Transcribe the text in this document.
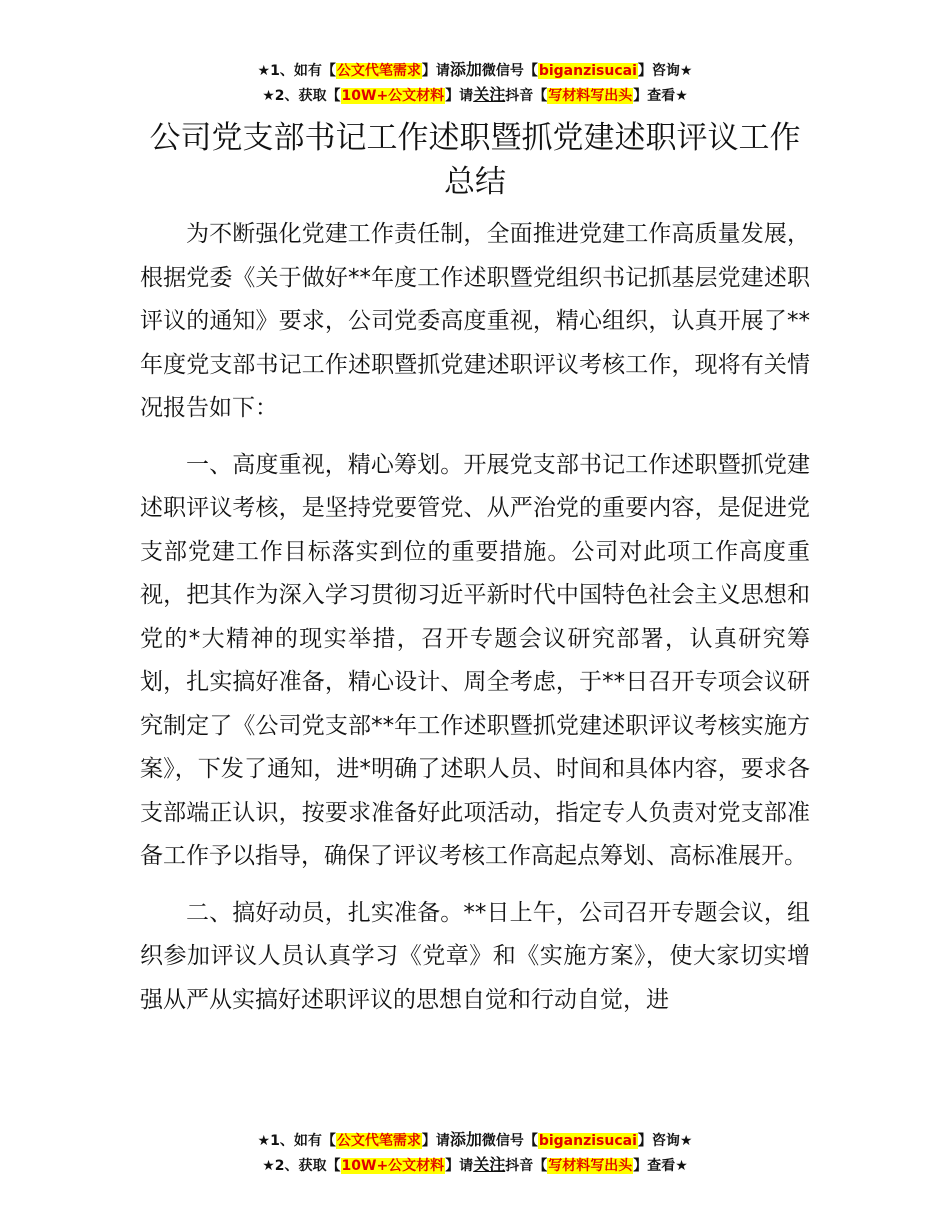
★1、如有【公文代笔需求】请添加微信号【biganzisucai】咨询★
★2、获取【10W+公文材料】请关注抖音【写材料写出头】查看★
公司党支部书记工作述职暨抓党建述职评议工作总结

为不断强化党建工作责任制，全面推进党建工作高质量发展，根据党委《关于做好**年度工作述职暨党组织书记抓基层党建述职评议的通知》要求，公司党委高度重视，精心组织，认真开展了**年度党支部书记工作述职暨抓党建述职评议考核工作，现将有关情况报告如下：

一、高度重视，精心筹划。开展党支部书记工作述职暨抓党建述职评议考核，是坚持党要管党、从严治党的重要内容，是促进党支部党建工作目标落实到位的重要措施。公司对此项工作高度重视，把其作为深入学习贯彻习近平新时代中国特色社会主义思想和党的*大精神的现实举措，召开专题会议研究部署，认真研究筹划，扎实搞好准备，精心设计、周全考虑，于**日召开专项会议研究制定了《公司党支部**年工作述职暨抓党建述职评议考核实施方案》，下发了通知，进*明确了述职人员、时间和具体内容，要求各支部端正认识，按要求准备好此项活动，指定专人负责对党支部准备工作予以指导，确保了评议考核工作高起点筹划、高标准展开。

二、搞好动员，扎实准备。**日上午，公司召开专题会议，组织参加评议人员认真学习《党章》和《实施方案》，使大家切实增强从严从实搞好述职评议的思想自觉和行动自觉，进

★1、如有【公文代笔需求】请添加微信号【biganzisucai】咨询★
★2、获取【10W+公文材料】请关注抖音【写材料写出头】查看★
